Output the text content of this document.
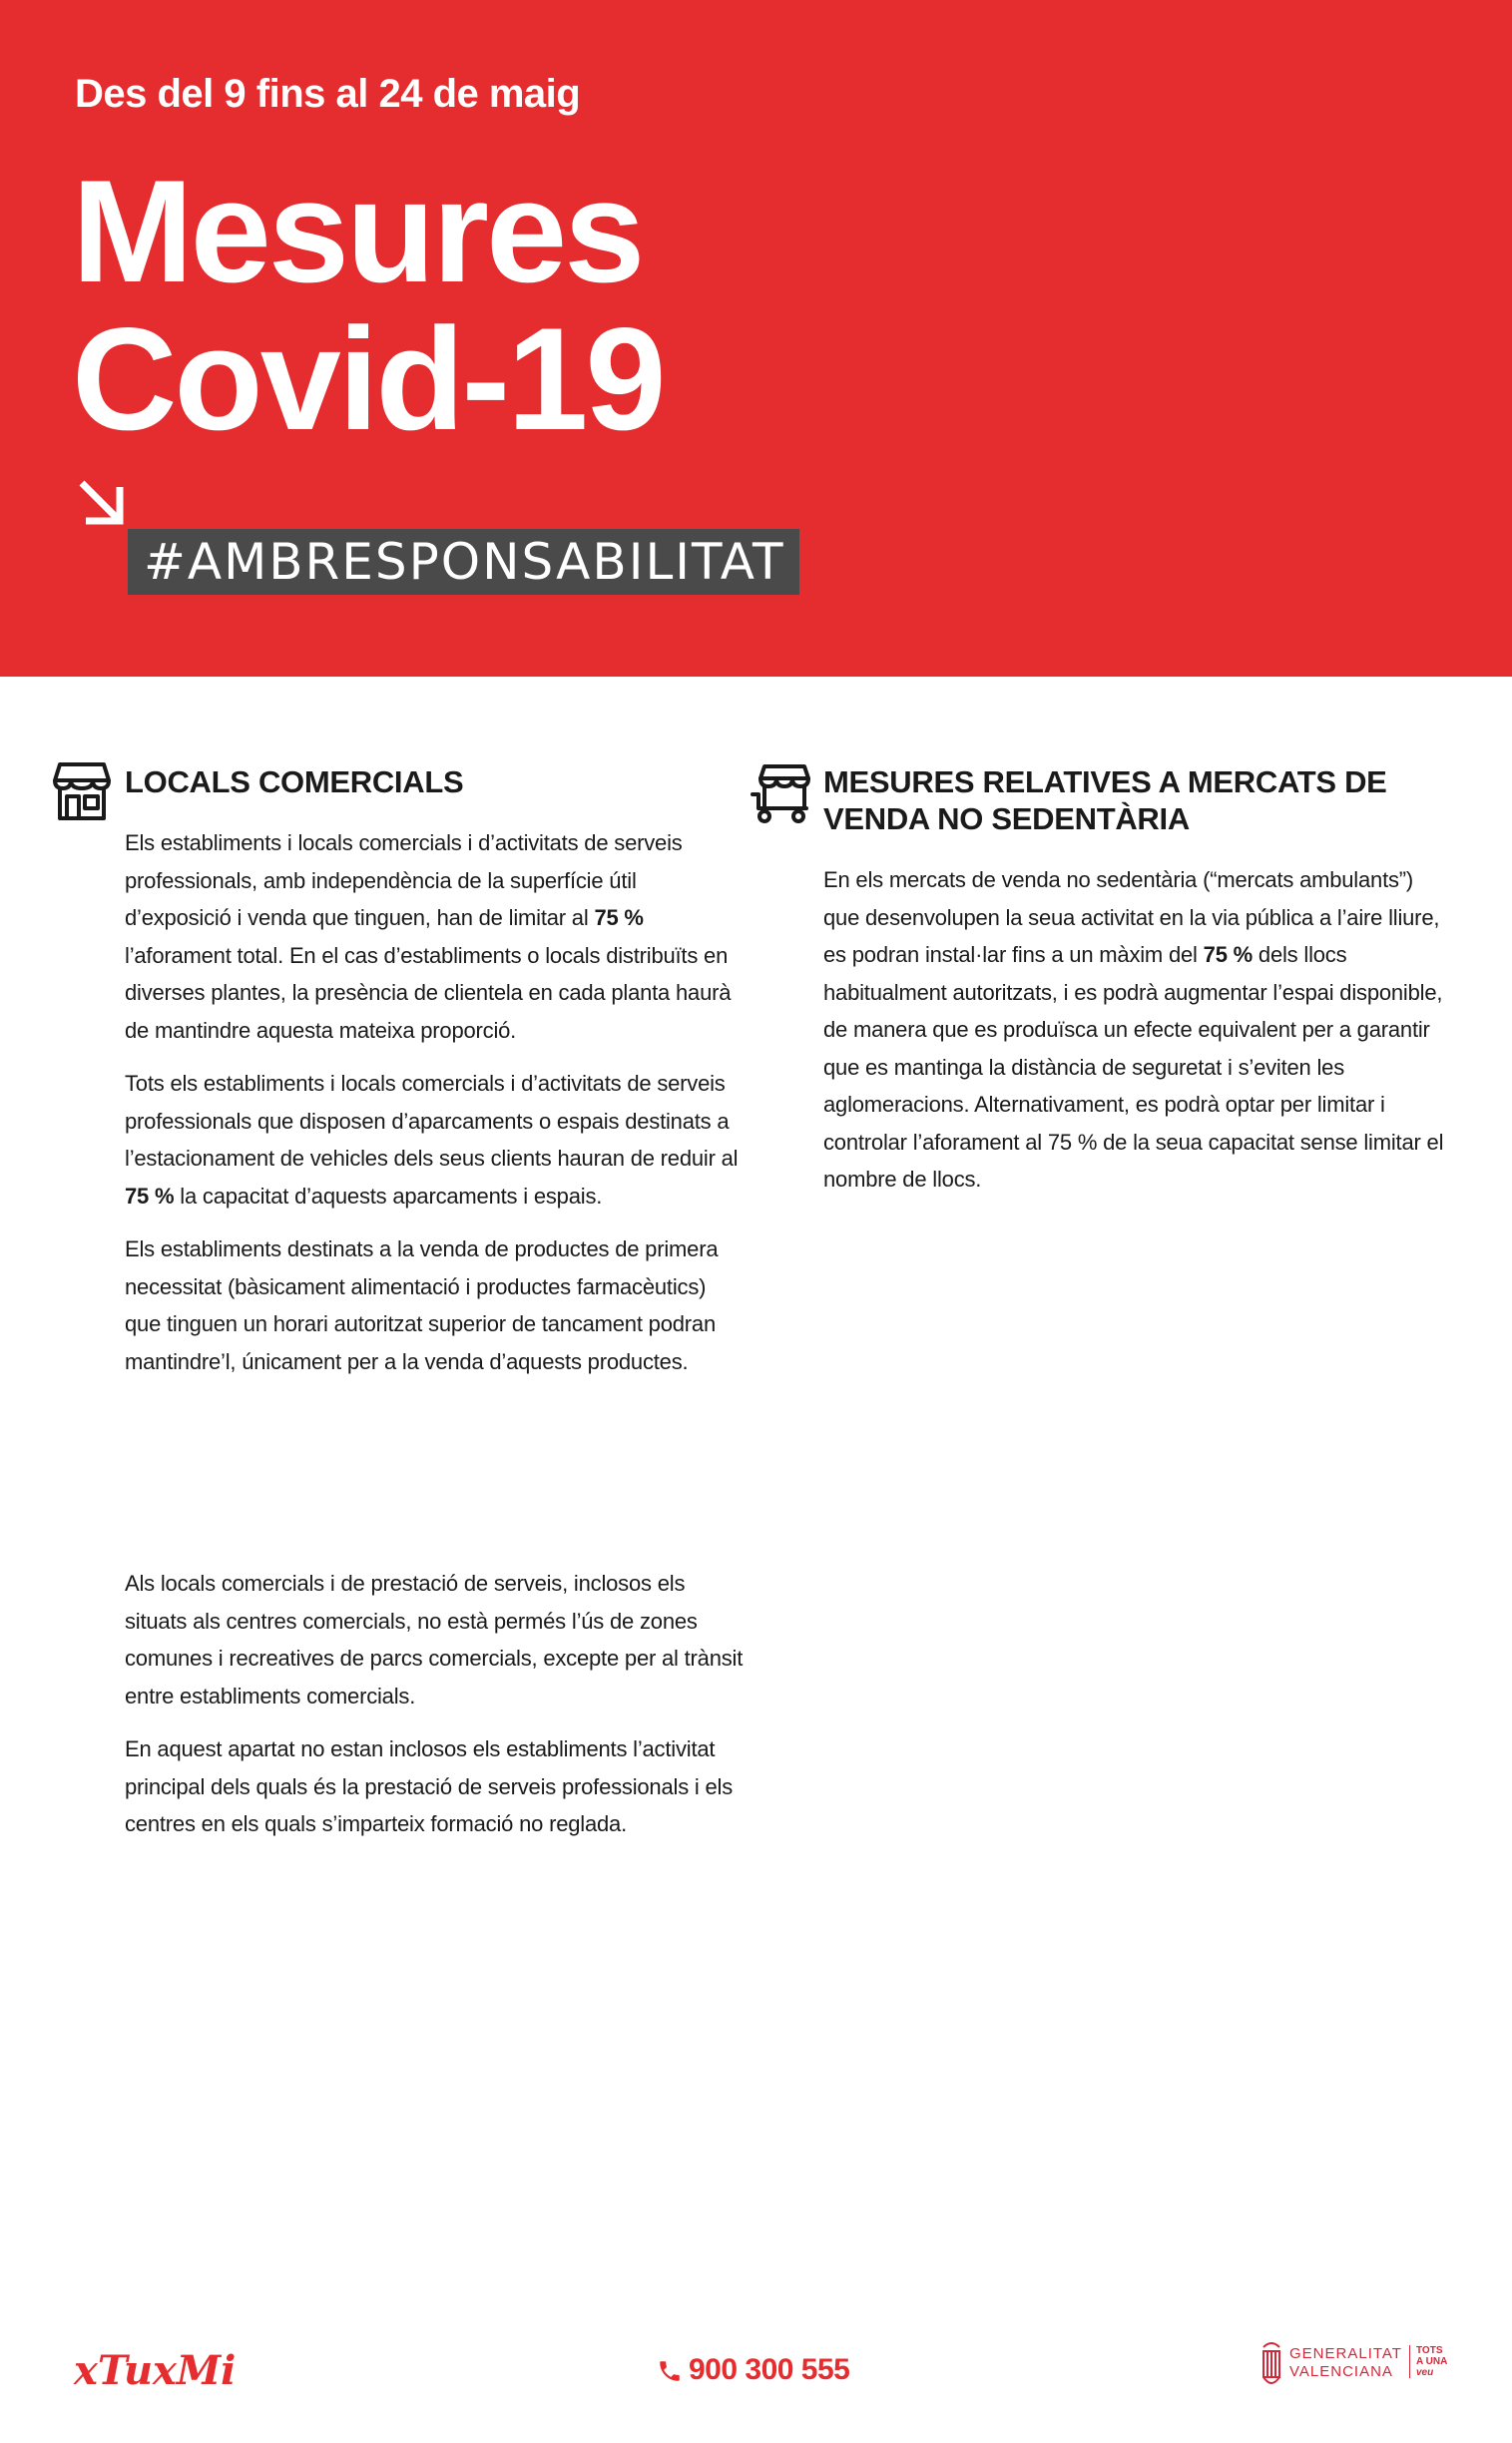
Des del 9 fins al 24 de maig
Mesures
Covid-19
#AMBRESPONSABILITAT
LOCALS COMERCIALS

Els establiments i locals comercials i d’activitats de serveis professionals, amb independència de la superfície útil d’exposició i venda que tinguen, han de limitar al 75 % l’aforament total. En el cas d’establiments o locals distribuïts en diverses plantes, la presència de clientela en cada planta haurà de mantindre aquesta mateixa proporció.

Tots els establiments i locals comercials i d’activitats de serveis professionals que disposen d’aparcaments o espais destinats a l’estacionament de vehicles dels seus clients hauran de reduir al 75 % la capacitat d’aquests aparcaments i espais.

Els establiments destinats a la venda de productes de primera necessitat (bàsicament alimentació i productes farmacèutics) que tinguen un horari autoritzat superior de tancament podran mantindre’l, únicament per a la venda d’aquests productes.

Als locals comercials i de prestació de serveis, inclosos els situats als centres comercials, no està permés l’ús de zones comunes i recreatives de parcs comercials, excepte per al trànsit entre establiments comercials.

En aquest apartat no estan inclosos els establiments l’activitat principal dels quals és la prestació de serveis professionals i els centres en els quals s’imparteix formació no reglada.

MESURES RELATIVES A MERCATS DE VENDA NO SEDENTÀRIA

En els mercats de venda no sedentària (“mercats ambulants”) que desenvolupen la seua activitat en la via pública a l’aire lliure, es podran instal·lar fins a un màxim del 75 % dels llocs habitualment autoritzats, i es podrà augmentar l’espai disponible, de manera que es produïsca un efecte equivalent per a garantir que es mantinga la distància de seguretat i s’eviten les aglomeracions. Alternativament, es podrà optar per limitar i controlar l’aforament al 75 % de la seua capacitat sense limitar el nombre de llocs.

xTuxMi	900 300 555	GENERALITAT
VALENCIANA
TOTS
A UNA
veu
